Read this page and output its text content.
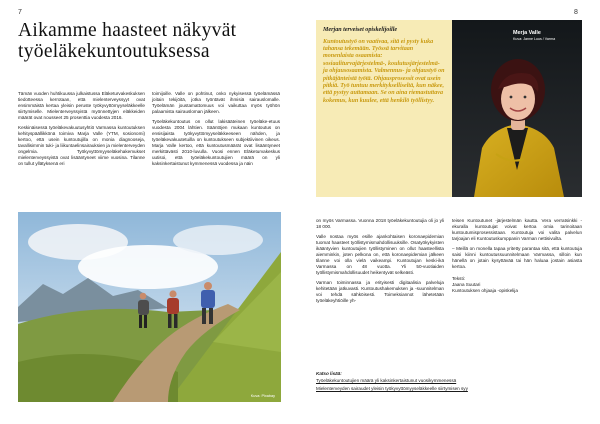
7	8
Aikamme haasteet näkyvät työeläkekuntoutuksessa

Tämän vuoden huhtikuussa julkaistussa Eläketurvakeskuksen tiedotteessa kerrotaan, että mielenterveyssyyt ovat ensimmäistä kertaa yleisin peruste työkyvyttömyyseläkkeelle siirtymiselle. Mielenterveyssyistä myönnettyjen eläkkeiden määrät ovat nousseet 25 prosenttia vuodesta 2016.

Keskinäisessä työeläkevakuutusyhtiö Varmassa kuntoutuksen kehityspäällikkönä toimiva Marja Valle (YTM, sosionomi) kertoo, että usein kuntoutujilla on monia diagnooseja, tavallisimmin tuki- ja liikuntaelinsairauksien ja mielenterveyden ongelmia. Työkyvyttömyyseläkehakemukset mielenterveyssyistä ovat lisääntyneet viime vuosina. Tilanne on tullut yllätyksenä eri

toimijoille. Valle on pohtinut, onko nykyisessä työelämässä joitain tekijöitä, jotka työntävät ihmisiä sairauslomalle. Työelämän joustamattomuus voi vaikuttaa myös työhön palaamista sairausloman jälkeen.

Työeläkekuntoutus on ollut lakisääteinen työeläke-etuus vuodesta 2004 lähtien. Sääntöjen mukaan kuntoutus on ensisijaista työkyvyttömyyseläkkeeseen nähden, ja työeläkevakuutetuilla on kuntoutukseen subjektiivinen oikeus. Marja Valle kertoo, että kuntoutusmäärät ovat lisääntyneet merkittävästi 2010-luvulla. Vuosi ennen Eläketurvakeskus uutisoi, että työeläkekuntoutujien määrä on yli kaksinkertaistunut kymmenessä vuodessa ja näin

Merjan terveiset opiskelijoille
Kuntoutustyö on vaativaa, sitä ei pysty kuka tahansa tekemään. Työssä tarvitaan monenlaista osaamista: sosiaaliturvajärjestelmä-, koulutusjärjestelmä- ja ohjausosaamista. Valmennus- ja ohjaustyö on pitkäjänteistä työtä. Ohjausprosessit ovat usein pitkiä. Työ tuntuu merkitykselliseltä, kun näkee, että pystyy auttamaan. Se on aina riemastuttava kokemus, kun kuulee, että henkilö työllistyy.
Merja Valle
Kuva: Janne Luus / Varma
Kuva: Pixabay

on myös Varmassa. Vuonna 2018 työeläkekuntoutujia oli jo yli 18 000.

Valle nostaa myös esille ajankohtaisen koronaepidemian tuomat haasteet työllistymismahdollisuuksille. Osatyökykyisten ikääntyvien kuntoutujien työllistyminen on ollut haasteellista aiemminkin, joten pelkona on, että koronaepidemian jälkeen tilanne voi olla vielä vaikeampi. Kuntoutujan keski-ikä Varmassa on 48 vuotta. Yli 50-vuotiaiden työllistymismahdollisuudet heikentyvät selkeästi.

Varman toiminnassa ja erityisesti digitaalisia palveluja kehitetään jatkuvasti. Kuntoutushakemuksen ja -suunnitelman voi tehdä sähköisesti. Toimeksiannot lähetetään työeläkeyhtiöille yh-

teisen Kuntoutunet -järjestelmän kautta. Vera verratsinkki -ekuralla kuntoutujat voivat kertoa omia tarinoitaan kuntoutumisprosessistaan. Kuntoutuja voi valita palvelun tarjoajan eli Kuntoutuskumppanin Varman nettisivuilta.

– Meillä on monella tapaa yritetty parantaa sitä, että kuntoutuja saisi kiinni kuntoutussuunnitelmaan Varmassa, silloin kun hänellä on jotain kysyttävää tai hän haluaa jostain asiasta kertoa.

Teksti:
Jaana Suutari
Kuntoutuksen ohjaaja -opiskelija

Katso lisää:
Työeläkekuntoutujien määrä yli kaksinkertaistunut vuosikymmenessä
Mielenterveyden sairaudet yleisin työkyvyttömyyseläkkeelle siirtymisen syy
